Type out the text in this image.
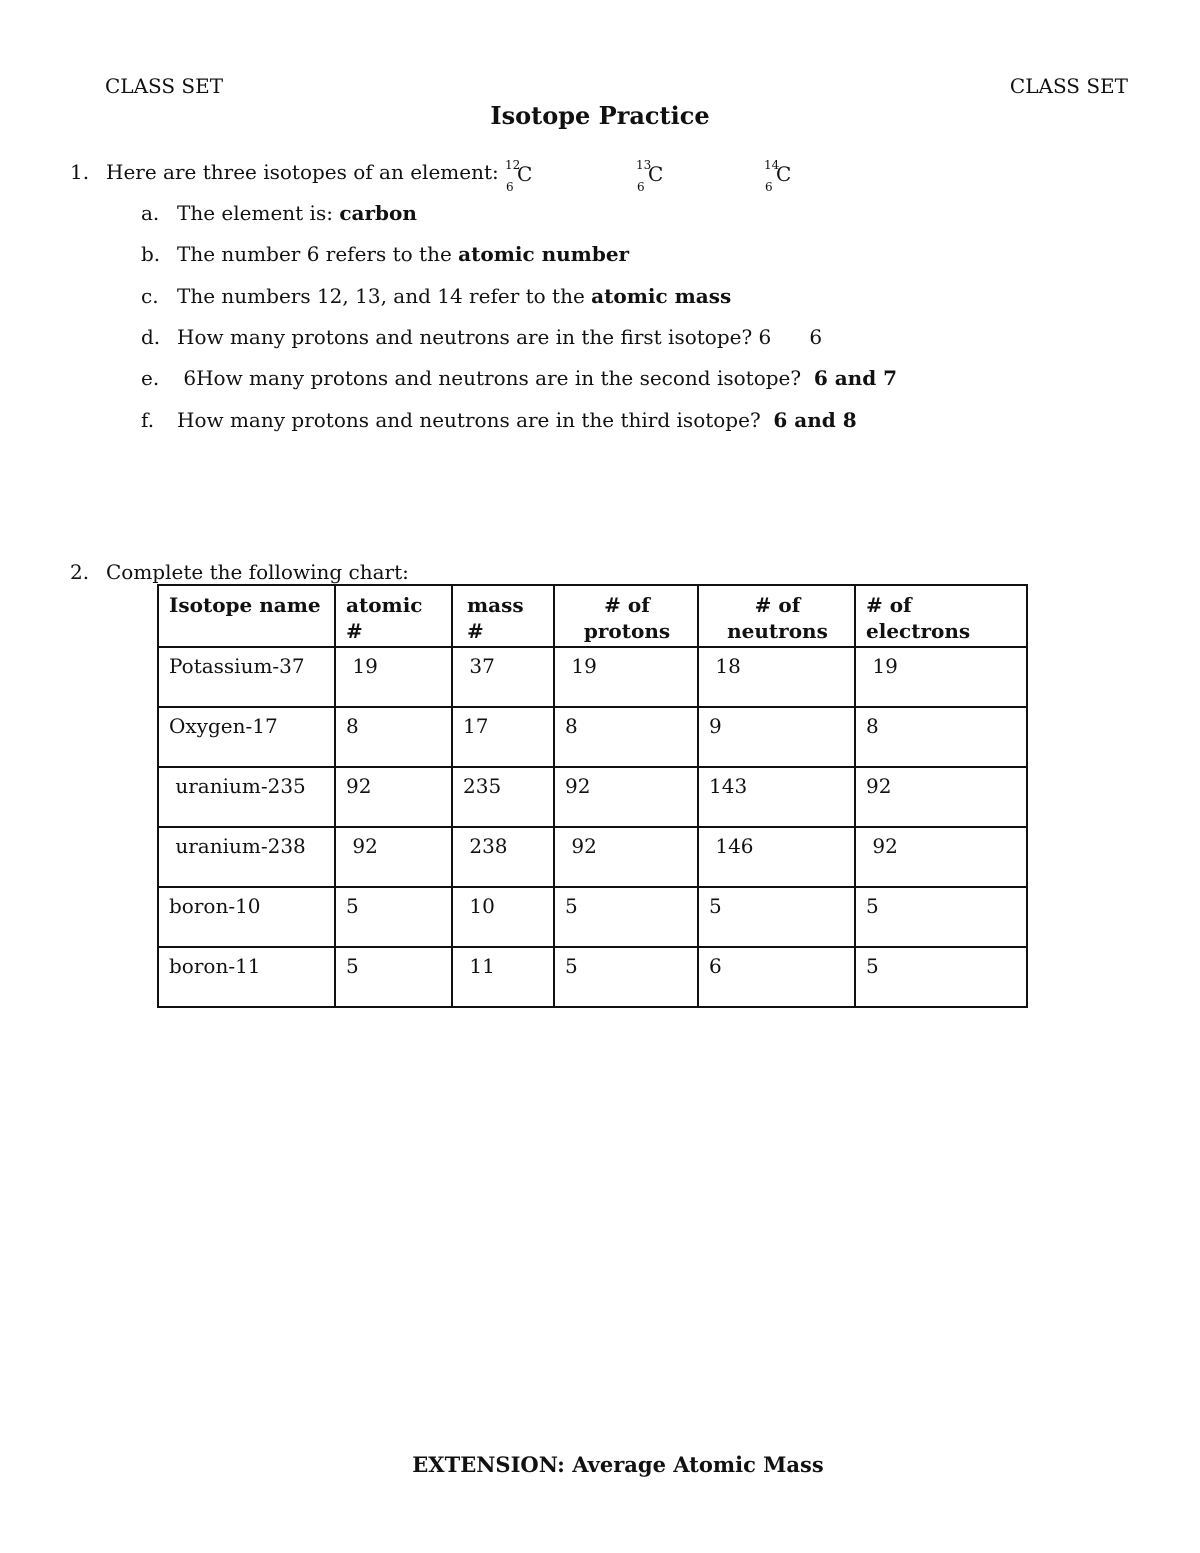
CLASS SET	CLASS SET
Isotope Practice
1. Here are three isotopes of an element: 12
6
C	13
6
C	14
6
C
a. The element is: carbon
b. The number 6 refers to the atomic number
c. The numbers 12, 13, and 14 refer to the atomic mass
d. How many protons and neutrons are in the first isotope? 6      6
e. 6How many protons and neutrons are in the second isotope?  6 and 7
f. How many protons and neutrons are in the third isotope?  6 and 8
2. Complete the following chart:
Isotope name	atomic #	mass #	# of protons	# of neutrons	# of electrons
Potassium-37	19	37	19	18	19
Oxygen-17	8	17	8	9	8
uranium-235	92	235	92	143	92
uranium-238	92	238	92	146	92
boron-10	5	10	5	5	5
boron-11	5	11	5	6	5
EXTENSION: Average Atomic Mass
